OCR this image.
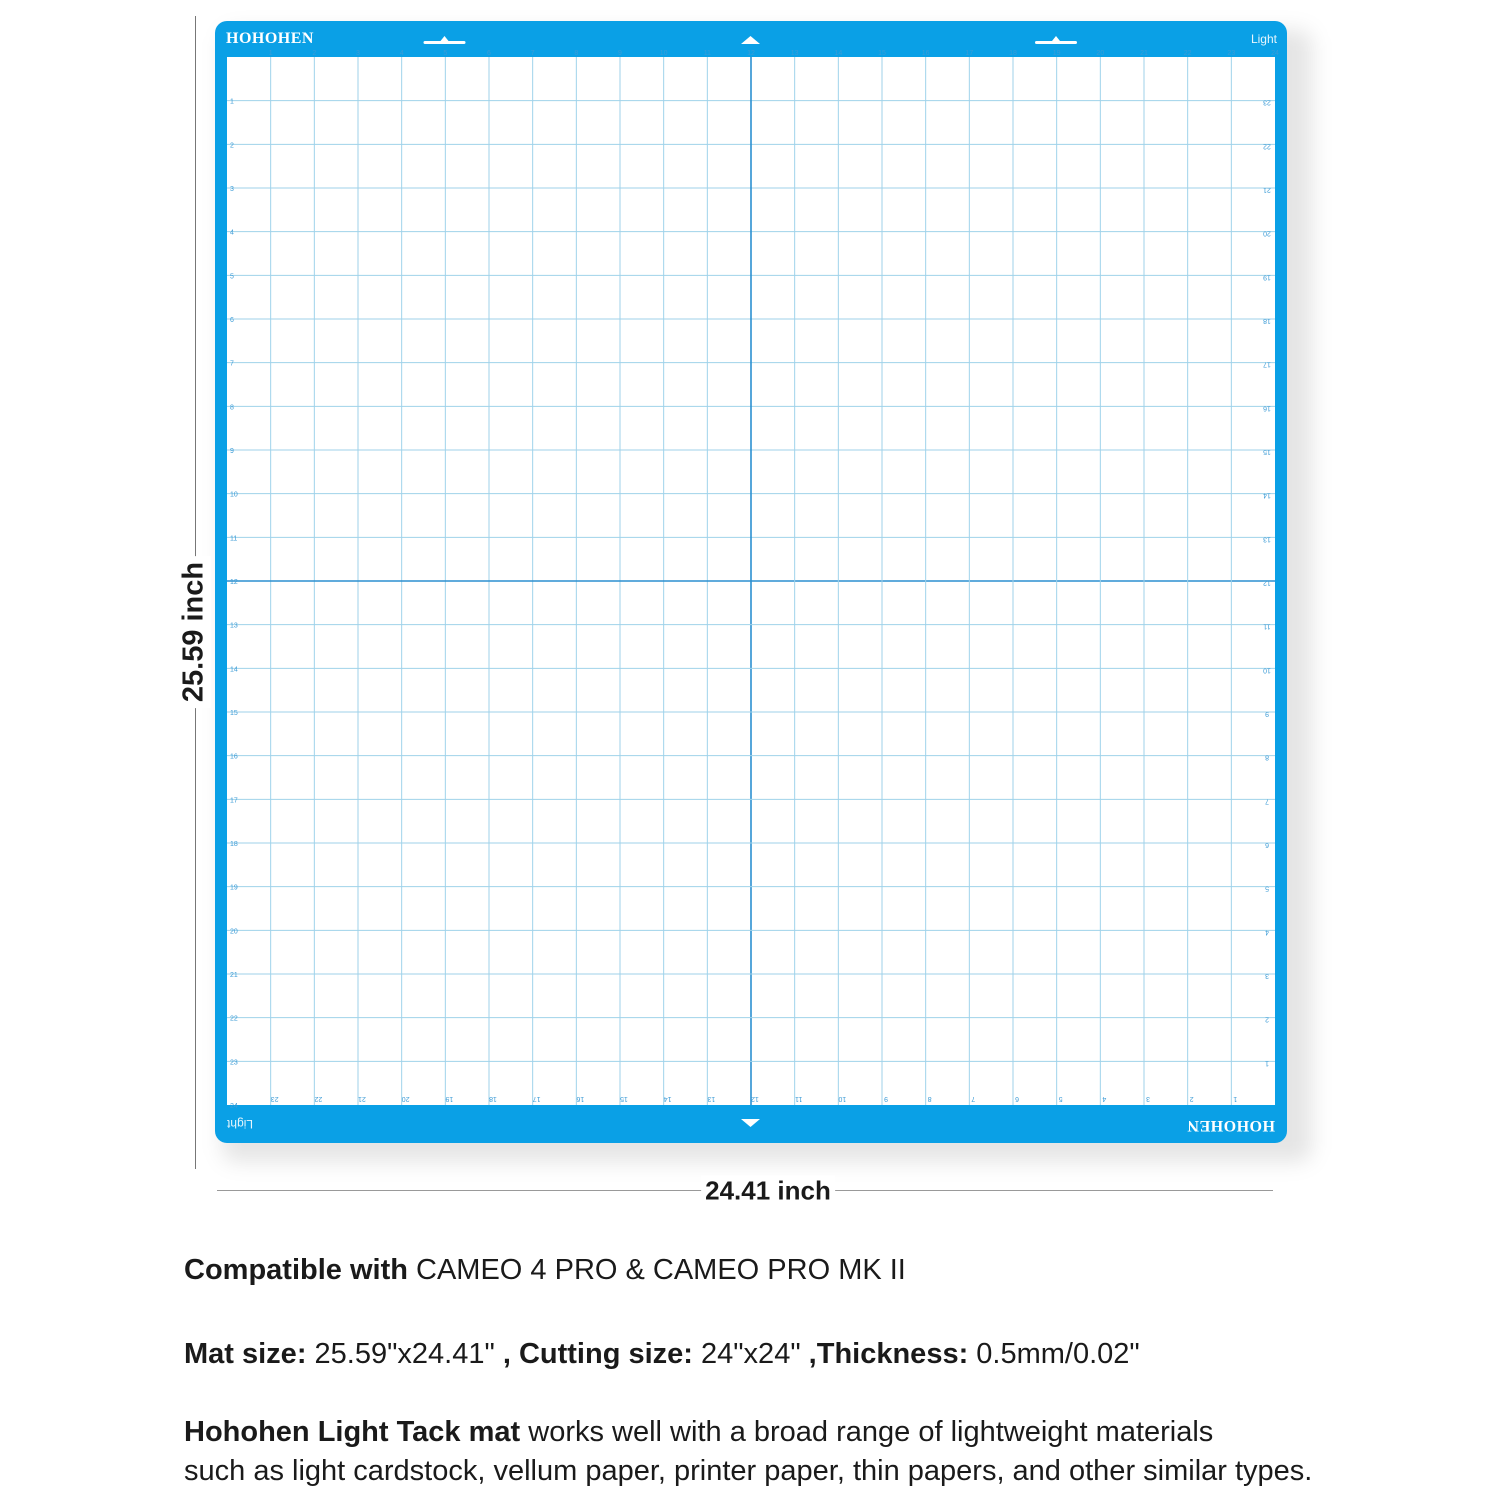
1	2	3	4	5	6	7	8	9	10	11	12	13	14	15	16	17	18	19	20	21	22	23	24
1
2
3
4
5
6
7
8
9
10
11
12
13
14
15
16
17
18
19
20
21
22
23
24
23
22
21
20
19
18
17
16
15
14
13
12
11
10
9
8
7
6
5
4
3
2
1
23	22	21	20	19	18	17	16	15	14	13	12	11	10	9	8	7	6	5	4	3	2	1
HOHOHEN	Light
HOHOHEN
Light
25.59 inch
24.41 inch
Compatible with CAMEO 4 PRO & CAMEO PRO MK II
Mat size: 25.59"x24.41" , Cutting size: 24"x24" ,Thickness: 0.5mm/0.02"
Hohohen Light Tack mat works well with a broad range of lightweight materials
such as light cardstock, vellum paper, printer paper, thin papers, and other similar types.
